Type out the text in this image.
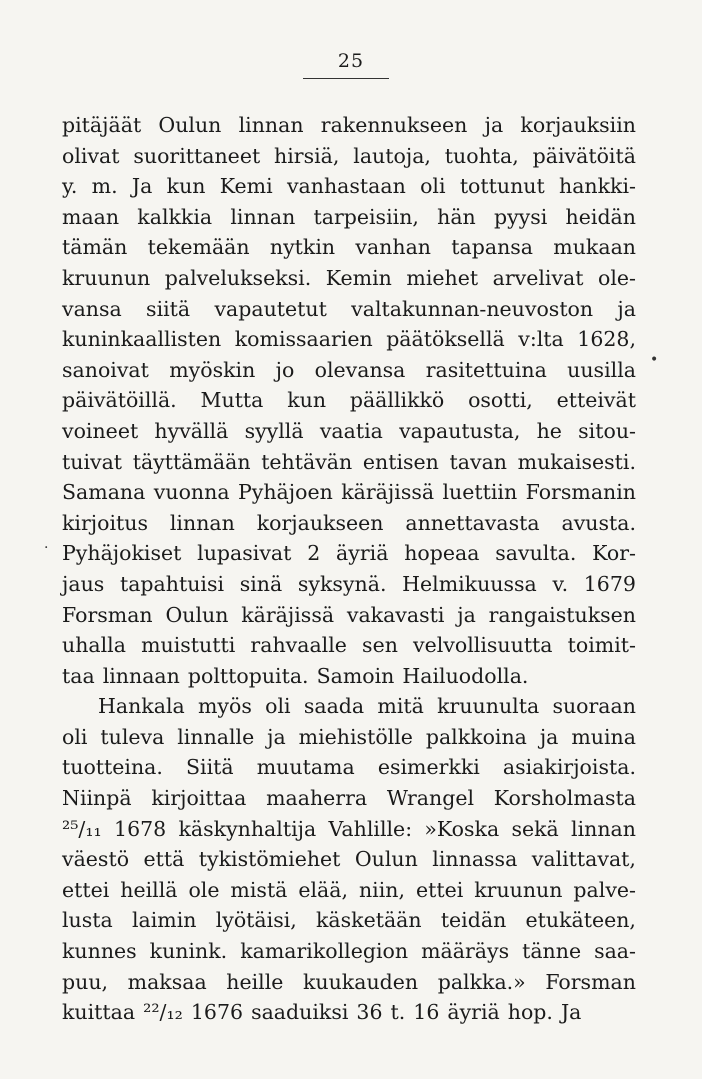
25
pitäjäät Oulun linnan rakennukseen ja korjauksiin
olivat suorittaneet hirsiä, lautoja, tuohta, päivätöitä
y. m. Ja kun Kemi vanhastaan oli tottunut hankki-
maan kalkkia linnan tarpeisiin, hän pyysi heidän
tämän tekemään nytkin vanhan tapansa mukaan
kruunun palvelukseksi. Kemin miehet arvelivat ole-
vansa siitä vapautetut valtakunnan-neuvoston ja
kuninkaallisten komissaarien päätöksellä v:lta 1628,
sanoivat myöskin jo olevansa rasitettuina uusilla
päivätöillä. Mutta kun päällikkö osotti, etteivät
voineet hyvällä syyllä vaatia vapautusta, he sitou-
tuivat täyttämään tehtävän entisen tavan mukaisesti.
Samana vuonna Pyhäjoen käräjissä luettiin Forsmanin
kirjoitus linnan korjaukseen annettavasta avusta.
Pyhäjokiset lupasivat 2 äyriä hopeaa savulta. Kor-
jaus tapahtuisi sinä syksynä. Helmikuussa v. 1679
Forsman Oulun käräjissä vakavasti ja rangaistuksen
uhalla muistutti rahvaalle sen velvollisuutta toimit-
taa linnaan polttopuita. Samoin Hailuodolla.
Hankala myös oli saada mitä kruunulta suoraan
oli tuleva linnalle ja miehistölle palkkoina ja muina
tuotteina. Siitä muutama esimerkki asiakirjoista.
Niinpä kirjoittaa maaherra Wrangel Korsholmasta
²⁵/₁₁ 1678 käskynhaltija Vahlille: »Koska sekä linnan
väestö että tykistömiehet Oulun linnassa valittavat,
ettei heillä ole mistä elää, niin, ettei kruunun palve-
lusta laimin lyötäisi, käsketään teidän etukäteen,
kunnes kunink. kamarikollegion määräys tänne saa-
puu, maksaa heille kuukauden palkka.» Forsman
kuittaa ²²/₁₂ 1676 saaduiksi 36 t. 16 äyriä hop. Ja
•
·
